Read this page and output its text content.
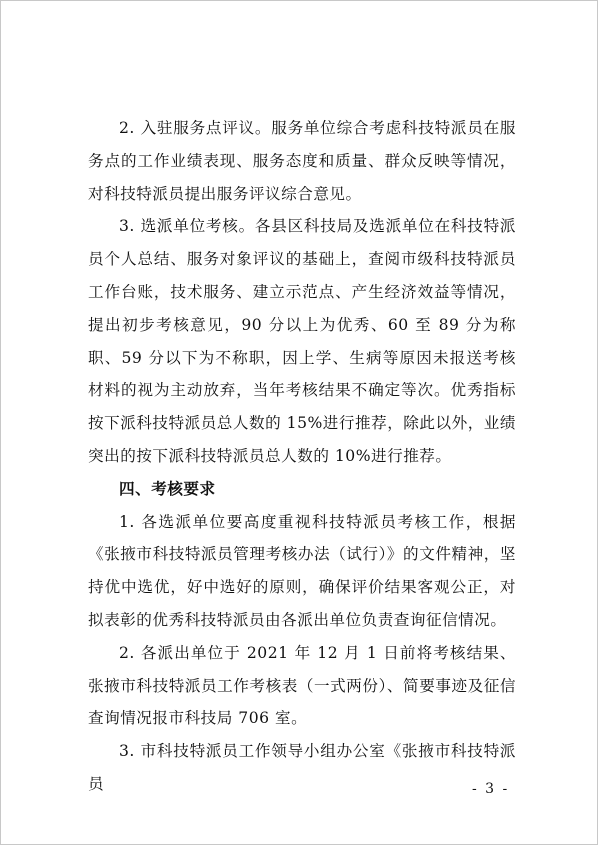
2. 入驻服务点评议。服务单位综合考虑科技特派员在服务点的工作业绩表现、服务态度和质量、群众反映等情况，对科技特派员提出服务评议综合意见。

3. 选派单位考核。各县区科技局及选派单位在科技特派员个人总结、服务对象评议的基础上，查阅市级科技特派员工作台账，技术服务、建立示范点、产生经济效益等情况，提出初步考核意见，90 分以上为优秀、60 至 89 分为称职、59 分以下为不称职，因上学、生病等原因未报送考核材料的视为主动放弃，当年考核结果不确定等次。优秀指标按下派科技特派员总人数的 15%进行推荐，除此以外，业绩突出的按下派科技特派员总人数的 10%进行推荐。

四、考核要求

1. 各选派单位要高度重视科技特派员考核工作，根据《张掖市科技特派员管理考核办法（试行）》的文件精神，坚持优中选优，好中选好的原则，确保评价结果客观公正，对拟表彰的优秀科技特派员由各派出单位负责查询征信情况。

2. 各派出单位于 2021 年 12 月 1 日前将考核结果、张掖市科技特派员工作考核表（一式两份）、简要事迹及征信查询情况报市科技局 706 室。

3. 市科技特派员工作领导小组办公室《张掖市科技特派员	- 3 -
